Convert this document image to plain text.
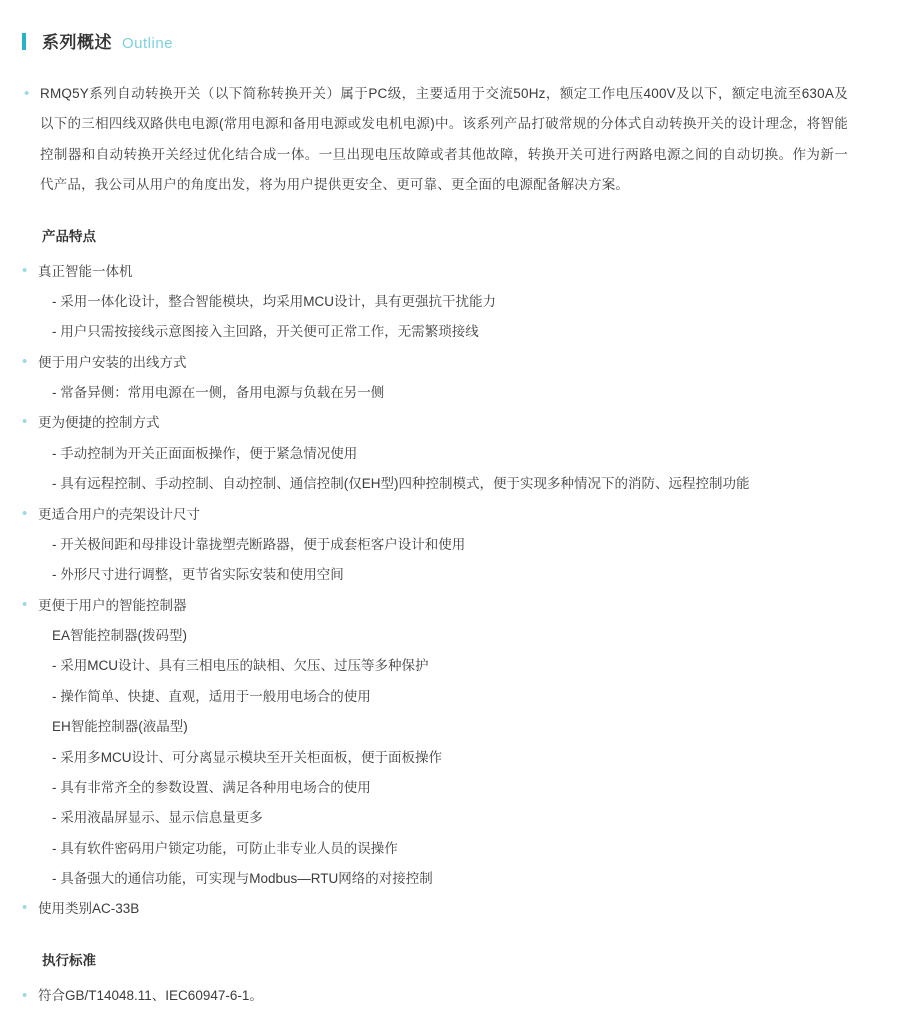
系列概述 Outline
• RMQ5Y系列自动转换开关（以下简称转换开关）属于PC级，主要适用于交流50Hz，额定工作电压400V及以下，额定电流至630A及以下的三相四线双路供电电源(常用电源和备用电源或发电机电源)中。该系列产品打破常规的分体式自动转换开关的设计理念，将智能控制器和自动转换开关经过优化结合成一体。一旦出现电压故障或者其他故障，转换开关可进行两路电源之间的自动切换。作为新一代产品，我公司从用户的角度出发，将为用户提供更安全、更可靠、更全面的电源配备解决方案。
产品特点
• 真正智能一体机
- 采用一体化设计，整合智能模块，均采用MCU设计，具有更强抗干扰能力
- 用户只需按接线示意图接入主回路，开关便可正常工作，无需繁琐接线
• 便于用户安装的出线方式
- 常备异侧：常用电源在一侧，备用电源与负载在另一侧
• 更为便捷的控制方式
- 手动控制为开关正面面板操作，便于紧急情况使用
- 具有远程控制、手动控制、自动控制、通信控制(仅EH型)四种控制模式，便于实现多种情况下的消防、远程控制功能
• 更适合用户的壳架设计尺寸
- 开关极间距和母排设计靠拢塑壳断路器，便于成套柜客户设计和使用
- 外形尺寸进行调整，更节省实际安装和使用空间
• 更便于用户的智能控制器
EA智能控制器(拨码型)
- 采用MCU设计、具有三相电压的缺相、欠压、过压等多种保护
- 操作简单、快捷、直观，适用于一般用电场合的使用
EH智能控制器(液晶型)
- 采用多MCU设计、可分离显示模块至开关柜面板，便于面板操作
- 具有非常齐全的参数设置、满足各种用电场合的使用
- 采用液晶屏显示、显示信息量更多
- 具有软件密码用户锁定功能，可防止非专业人员的误操作
- 具备强大的通信功能，可实现与Modbus—RTU网络的对接控制
• 使用类别AC-33B
执行标准
• 符合GB/T14048.11、IEC60947-6-1。
